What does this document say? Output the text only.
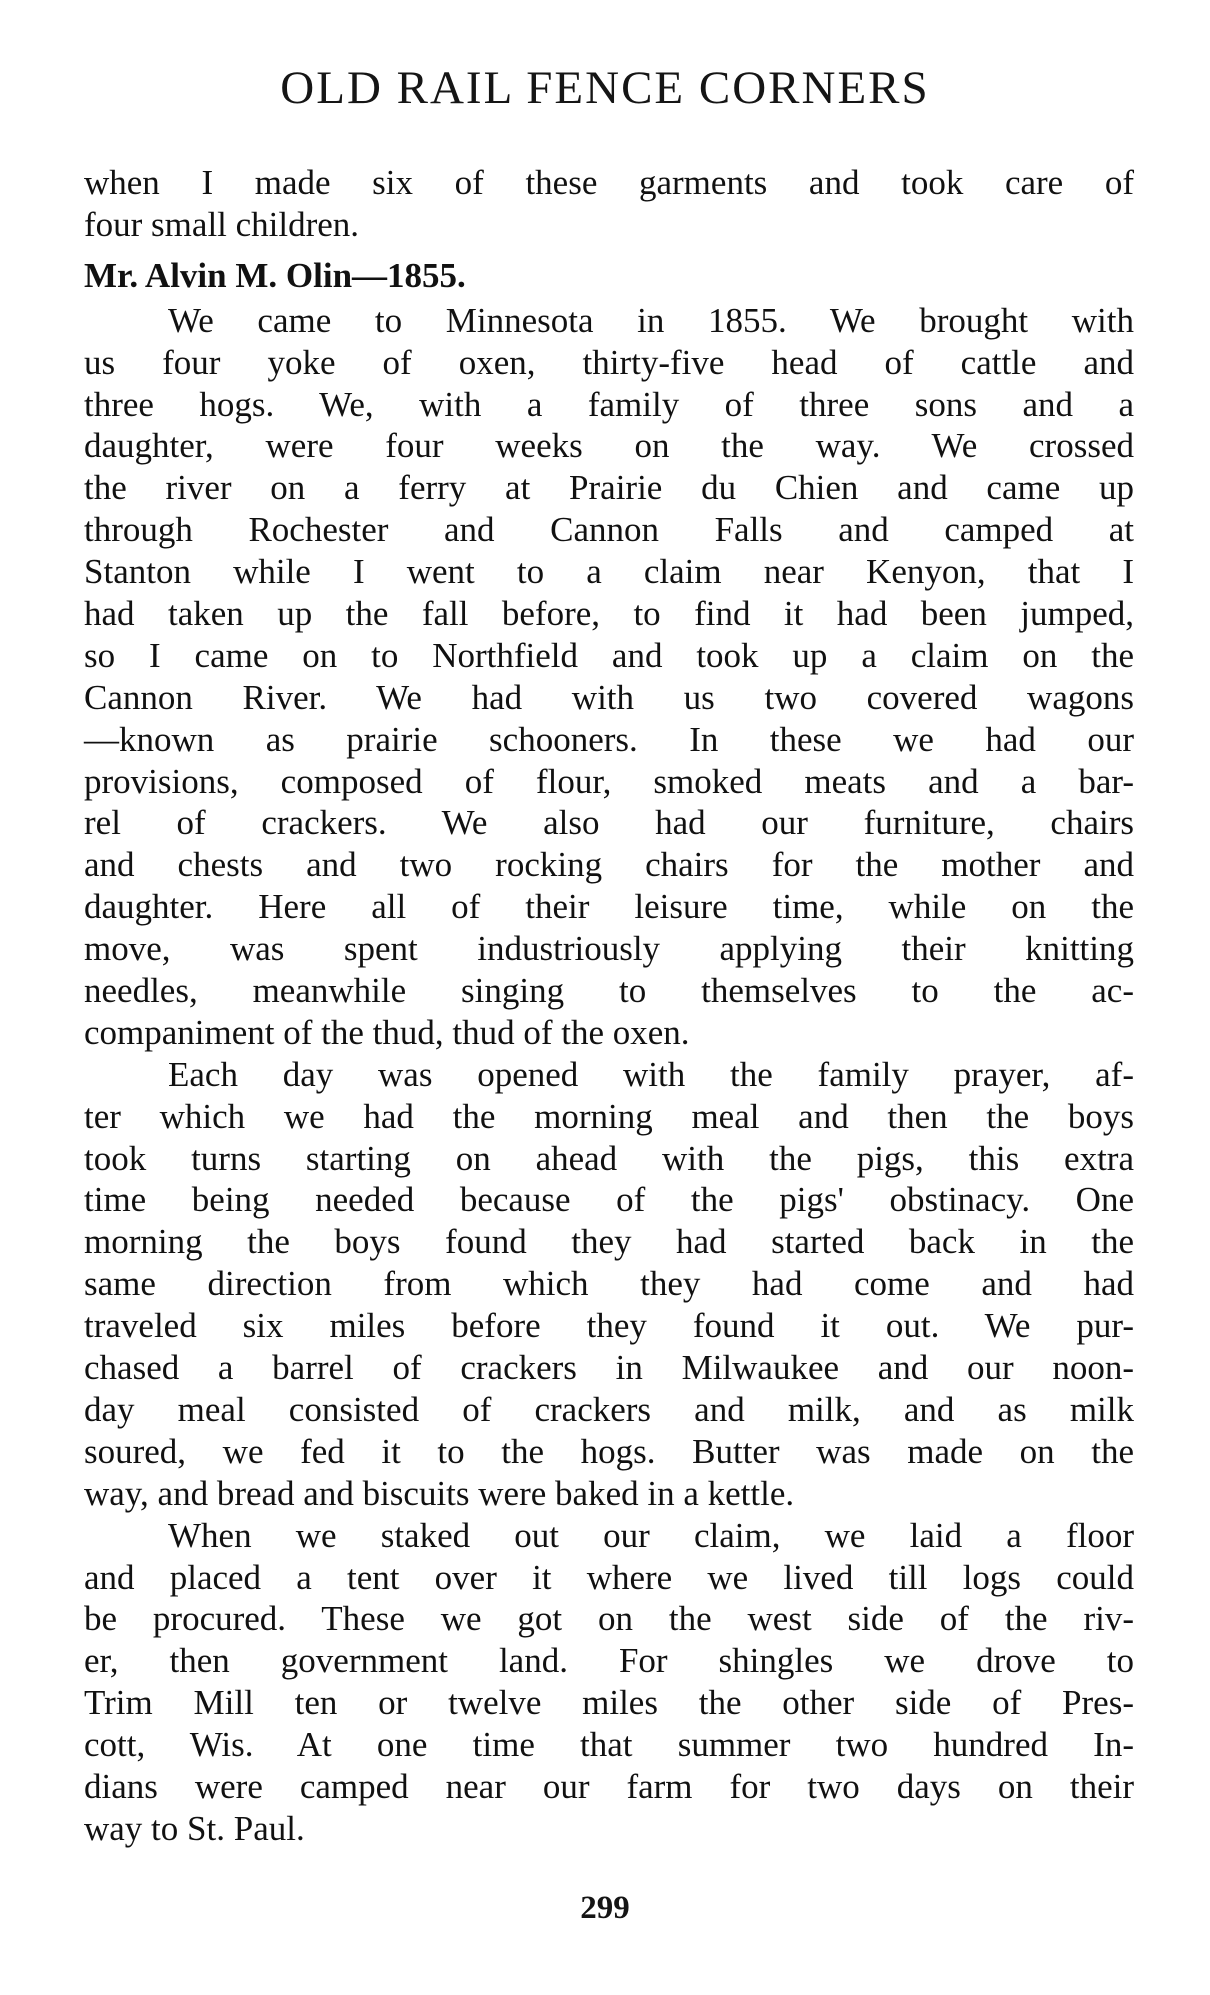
OLD RAIL FENCE CORNERS
when I made six of these garments and took care of
four small children.
Mr. Alvin M. Olin—1855.
We came to Minnesota in 1855. We brought with
us four yoke of oxen, thirty-five head of cattle and
three hogs. We, with a family of three sons and a
daughter, were four weeks on the way. We crossed
the river on a ferry at Prairie du Chien and came up
through Rochester and Cannon Falls and camped at
Stanton while I went to a claim near Kenyon, that I
had taken up the fall before, to find it had been jumped,
so I came on to Northfield and took up a claim on the
Cannon River. We had with us two covered wagons
—known as prairie schooners. In these we had our
provisions, composed of flour, smoked meats and a bar-
rel of crackers. We also had our furniture, chairs
and chests and two rocking chairs for the mother and
daughter. Here all of their leisure time, while on the
move, was spent industriously applying their knitting
needles, meanwhile singing to themselves to the ac-
companiment of the thud, thud of the oxen.
Each day was opened with the family prayer, af-
ter which we had the morning meal and then the boys
took turns starting on ahead with the pigs, this extra
time being needed because of the pigs' obstinacy. One
morning the boys found they had started back in the
same direction from which they had come and had
traveled six miles before they found it out. We pur-
chased a barrel of crackers in Milwaukee and our noon-
day meal consisted of crackers and milk, and as milk
soured, we fed it to the hogs. Butter was made on the
way, and bread and biscuits were baked in a kettle.
When we staked out our claim, we laid a floor
and placed a tent over it where we lived till logs could
be procured. These we got on the west side of the riv-
er, then government land. For shingles we drove to
Trim Mill ten or twelve miles the other side of Pres-
cott, Wis. At one time that summer two hundred In-
dians were camped near our farm for two days on their
way to St. Paul.
299
